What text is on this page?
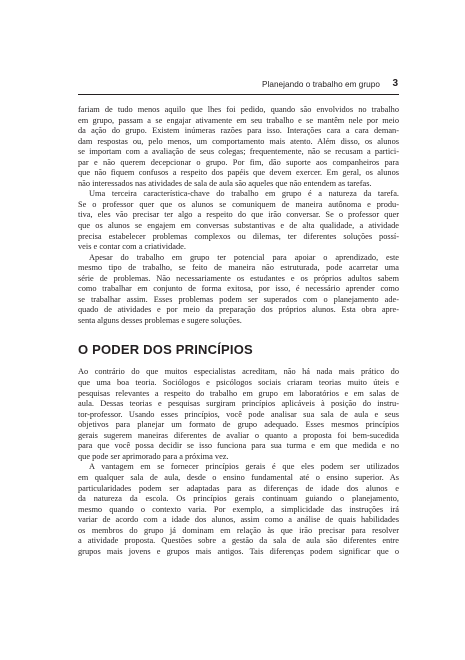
Planejando o trabalho em grupo 3
fariam de tudo menos aquilo que lhes foi pedido, quando são envolvidos no trabalho
em grupo, passam a se engajar ativamente em seu trabalho e se mantêm nele por meio
da ação do grupo. Existem inúmeras razões para isso. Interações cara a cara deman-
dam respostas ou, pelo menos, um comportamento mais atento. Além disso, os alunos
se importam com a avaliação de seus colegas; frequentemente, não se recusam a partici-
par e não querem decepcionar o grupo. Por fim, dão suporte aos companheiros para
que não fiquem confusos a respeito dos papéis que devem exercer. Em geral, os alunos
não interessados nas atividades de sala de aula são aqueles que não entendem as tarefas.
Uma terceira característica-chave do trabalho em grupo é a natureza da tarefa.
Se o professor quer que os alunos se comuniquem de maneira autônoma e produ-
tiva, eles vão precisar ter algo a respeito do que irão conversar. Se o professor quer
que os alunos se engajem em conversas substantivas e de alta qualidade, a atividade
precisa estabelecer problemas complexos ou dilemas, ter diferentes soluções possí-
veis e contar com a criatividade.
Apesar do trabalho em grupo ter potencial para apoiar o aprendizado, este
mesmo tipo de trabalho, se feito de maneira não estruturada, pode acarretar uma
série de problemas. Não necessariamente os estudantes e os próprios adultos sabem
como trabalhar em conjunto de forma exitosa, por isso, é necessário aprender como
se trabalhar assim. Esses problemas podem ser superados com o planejamento ade-
quado de atividades e por meio da preparação dos próprios alunos. Esta obra apre-
senta alguns desses problemas e sugere soluções.
O PODER DOS PRINCÍPIOS
Ao contrário do que muitos especialistas acreditam, não há nada mais prático do
que uma boa teoria. Sociólogos e psicólogos sociais criaram teorias muito úteis e
pesquisas relevantes a respeito do trabalho em grupo em laboratórios e em salas de
aula. Dessas teorias e pesquisas surgiram princípios aplicáveis à posição do instru-
tor-professor. Usando esses princípios, você pode analisar sua sala de aula e seus
objetivos para planejar um formato de grupo adequado. Esses mesmos princípios
gerais sugerem maneiras diferentes de avaliar o quanto a proposta foi bem-sucedida
para que você possa decidir se isso funciona para sua turma e em que medida e no
que pode ser aprimorado para a próxima vez.
A vantagem em se fornecer princípios gerais é que eles podem ser utilizados
em qualquer sala de aula, desde o ensino fundamental até o ensino superior. As
particularidades podem ser adaptadas para as diferenças de idade dos alunos e
da natureza da escola. Os princípios gerais continuam guiando o planejamento,
mesmo quando o contexto varia. Por exemplo, a simplicidade das instruções irá
variar de acordo com a idade dos alunos, assim como a análise de quais habilidades
os membros do grupo já dominam em relação às que irão precisar para resolver
a atividade proposta. Questões sobre a gestão da sala de aula são diferentes entre
grupos mais jovens e grupos mais antigos. Tais diferenças podem significar que o
